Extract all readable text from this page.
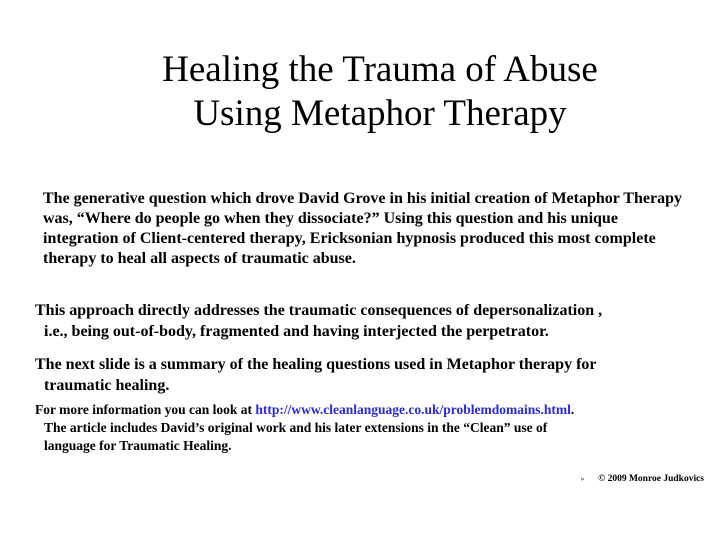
Healing the Trauma of Abuse
Using Metaphor Therapy

The generative question which drove David Grove in his initial creation of Metaphor Therapy was, “Where do people go when they dissociate?” Using this question and his unique integration of Client-centered therapy, Ericksonian hypnosis produced this most complete therapy to heal all aspects of traumatic abuse.

This approach directly addresses the traumatic consequences of depersonalization ,
i.e., being out-of-body, fragmented and having interjected the perpetrator.

The next slide is a summary of the healing questions used in Metaphor therapy for
traumatic healing.

For more information you can look at http://www.cleanlanguage.co.uk/problemdomains.html.
The article includes David’s original work and his later extensions in the “Clean” use of
language for Traumatic Healing.

» © 2009 Monroe Judkovics
